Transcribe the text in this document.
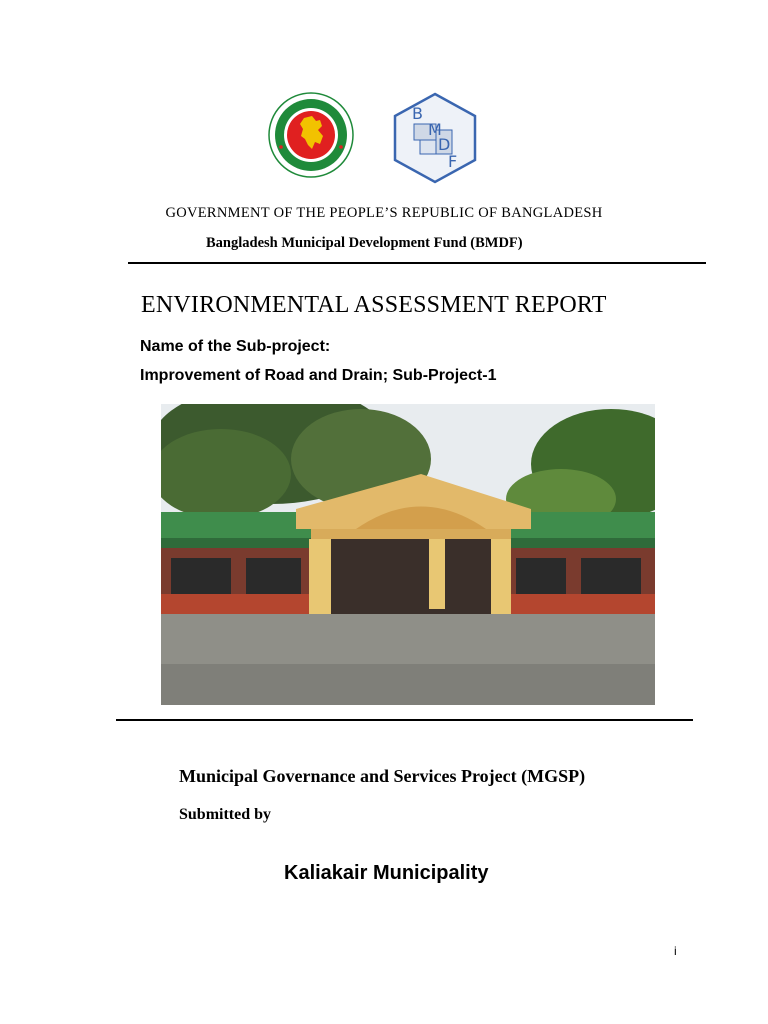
B
M
D
F
GOVERNMENT OF THE PEOPLE’S REPUBLIC OF BANGLADESH
Bangladesh Municipal Development Fund (BMDF)
ENVIRONMENTAL ASSESSMENT REPORT
Name of the Sub-project:
Improvement of Road and Drain; Sub-Project-1
Municipal Governance and Services Project (MGSP)
Submitted by
Kaliakair Municipality
i
